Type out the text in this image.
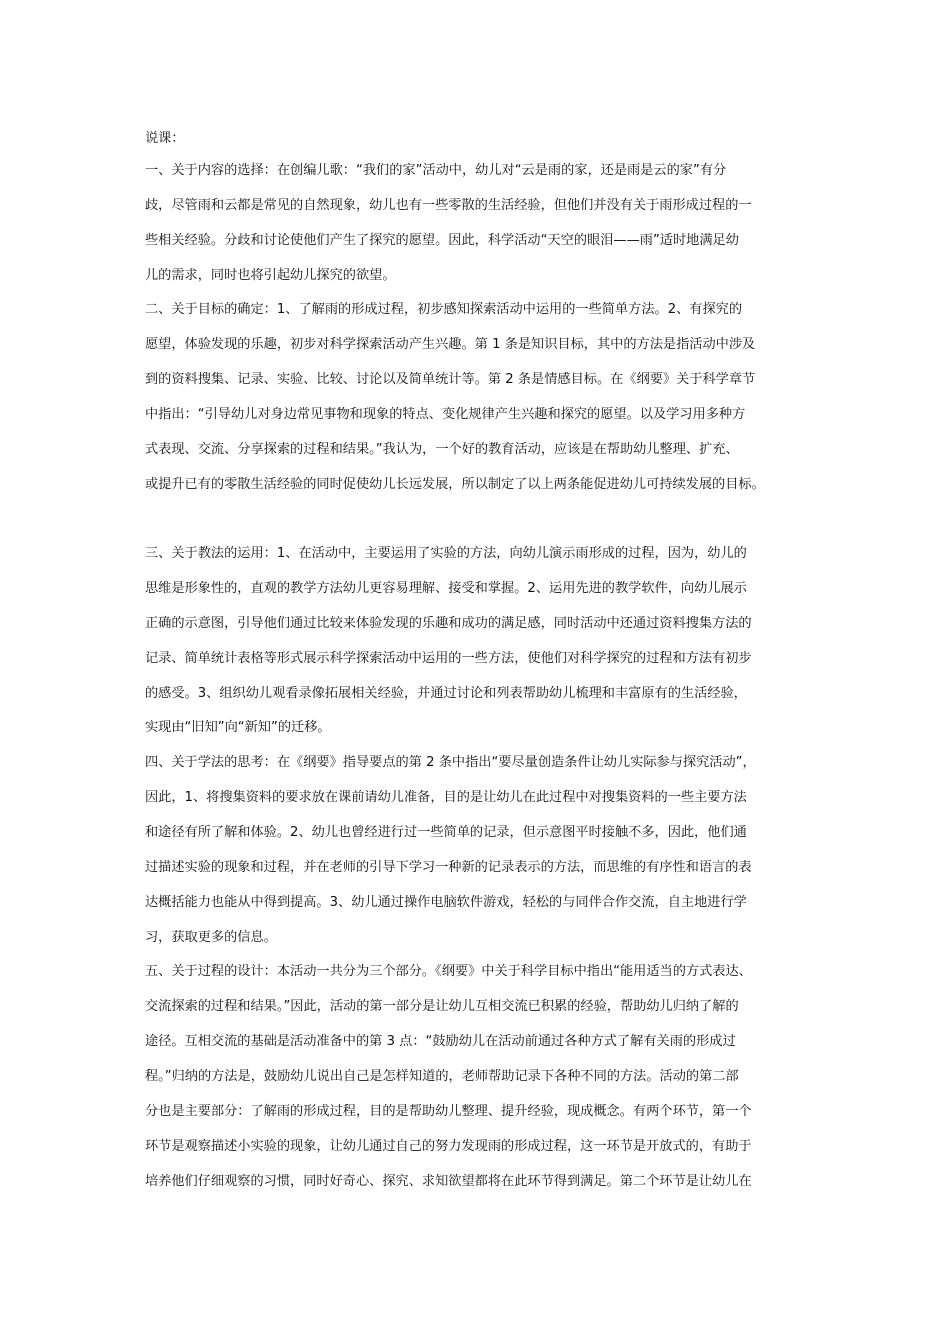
说课：
一、关于内容的选择：在创编儿歌：“我们的家”活动中，幼儿对“云是雨的家，还是雨是云的家”有分
歧，尽管雨和云都是常见的自然现象，幼儿也有一些零散的生活经验，但他们并没有关于雨形成过程的一
些相关经验。分歧和讨论使他们产生了探究的愿望。因此，科学活动“天空的眼泪——雨”适时地满足幼
儿的需求，同时也将引起幼儿探究的欲望。
二、关于目标的确定：1、了解雨的形成过程，初步感知探索活动中运用的一些简单方法。2、有探究的
愿望，体验发现的乐趣，初步对科学探索活动产生兴趣。第 1 条是知识目标，其中的方法是指活动中涉及
到的资料搜集、记录、实验、比较、讨论以及简单统计等。第 2 条是情感目标。在《纲要》关于科学章节
中指出：“引导幼儿对身边常见事物和现象的特点、变化规律产生兴趣和探究的愿望。以及学习用多种方
式表现、交流、分享探索的过程和结果。”我认为，一个好的教育活动，应该是在帮助幼儿整理、扩充、
或提升已有的零散生活经验的同时促使幼儿长远发展，所以制定了以上两条能促进幼儿可持续发展的目标。
三、关于教法的运用：1、在活动中，主要运用了实验的方法，向幼儿演示雨形成的过程，因为，幼儿的
思维是形象性的，直观的教学方法幼儿更容易理解、接受和掌握。2、运用先进的教学软件，向幼儿展示
正确的示意图，引导他们通过比较来体验发现的乐趣和成功的满足感，同时活动中还通过资料搜集方法的
记录、简单统计表格等形式展示科学探索活动中运用的一些方法，使他们对科学探究的过程和方法有初步
的感受。3、组织幼儿观看录像拓展相关经验，并通过讨论和列表帮助幼儿梳理和丰富原有的生活经验，
实现由“旧知”向“新知”的迁移。
四、关于学法的思考：在《纲要》指导要点的第 2 条中指出“要尽量创造条件让幼儿实际参与探究活动”，
因此，1、将搜集资料的要求放在课前请幼儿准备，目的是让幼儿在此过程中对搜集资料的一些主要方法
和途径有所了解和体验。2、幼儿也曾经进行过一些简单的记录，但示意图平时接触不多，因此，他们通
过描述实验的现象和过程，并在老师的引导下学习一种新的记录表示的方法，而思维的有序性和语言的表
达概括能力也能从中得到提高。3、幼儿通过操作电脑软件游戏，轻松的与同伴合作交流，自主地进行学
习，获取更多的信息。
五、关于过程的设计：本活动一共分为三个部分。《纲要》中关于科学目标中指出“能用适当的方式表达、
交流探索的过程和结果。”因此，活动的第一部分是让幼儿互相交流已积累的经验，帮助幼儿归纳了解的
途径。互相交流的基础是活动准备中的第 3 点：“鼓励幼儿在活动前通过各种方式了解有关雨的形成过
程。”归纳的方法是，鼓励幼儿说出自己是怎样知道的，老师帮助记录下各种不同的方法。活动的第二部
分也是主要部分：了解雨的形成过程，目的是帮助幼儿整理、提升经验，现成概念。有两个环节，第一个
环节是观察描述小实验的现象，让幼儿通过自己的努力发现雨的形成过程，这一环节是开放式的，有助于
培养他们仔细观察的习惯，同时好奇心、探究、求知欲望都将在此环节得到满足。第二个环节是让幼儿在
